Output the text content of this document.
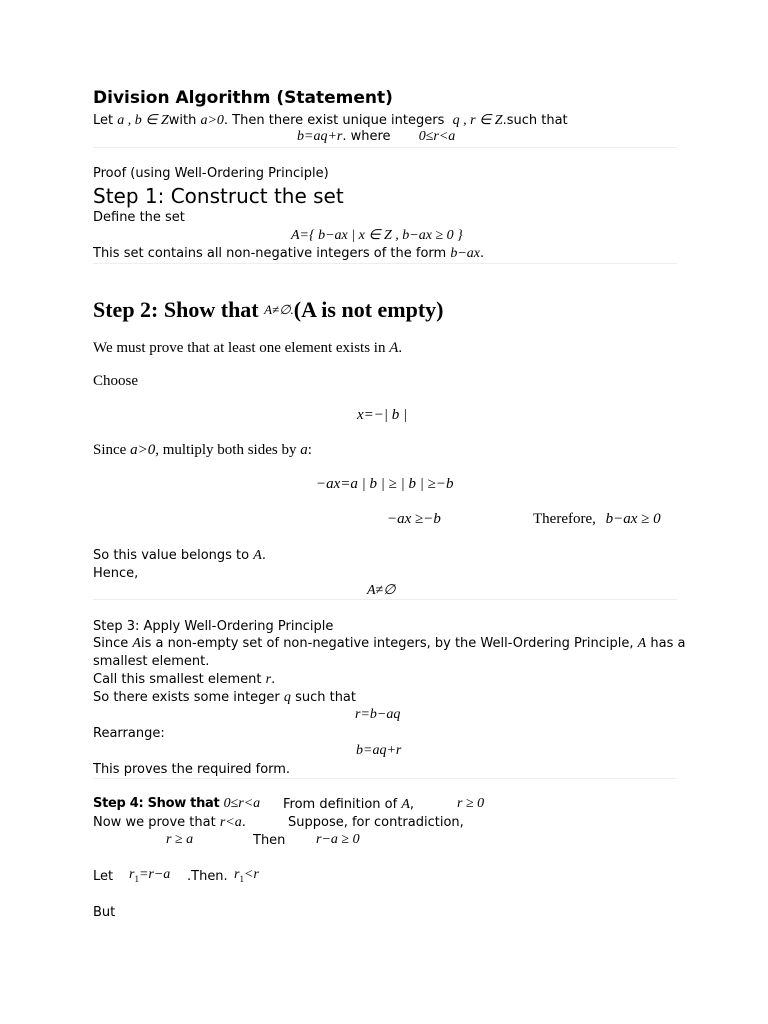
Division Algorithm (Statement)
Let a , b ∈ Zwith a>0. Then there exist unique integers q , r ∈ Z.such that
b=aq+r. where 0≤r<a
Proof (using Well-Ordering Principle)
Step 1: Construct the set
Define the set
A={ b−ax | x ∈ Z , b−ax ≥ 0 }
This set contains all non-negative integers of the form b−ax.
Step 2: Show that A≠∅.(A is not empty)
We must prove that at least one element exists in A.
Choose
x=−| b |
Since a>0, multiply both sides by a:
−ax=a | b | ≥ | b | ≥−b
−ax ≥−b	Therefore, b−ax ≥ 0
So this value belongs to A.
Hence,
A≠∅
Step 3: Apply Well-Ordering Principle
Since Ais a non-empty set of non-negative integers, by the Well-Ordering Principle, A has a
smallest element.
Call this smallest element r.
So there exists some integer q such that
r=b−aq
Rearrange:
b=aq+r
This proves the required form.
Step 4: Show that 0≤r<a From definition of A,	r ≥ 0
Now we prove that r<a.	Suppose, for contradiction,
r ≥ a	Then r−a ≥ 0
Let $r_1=r-a$ .Then. $r_1<r$
But
